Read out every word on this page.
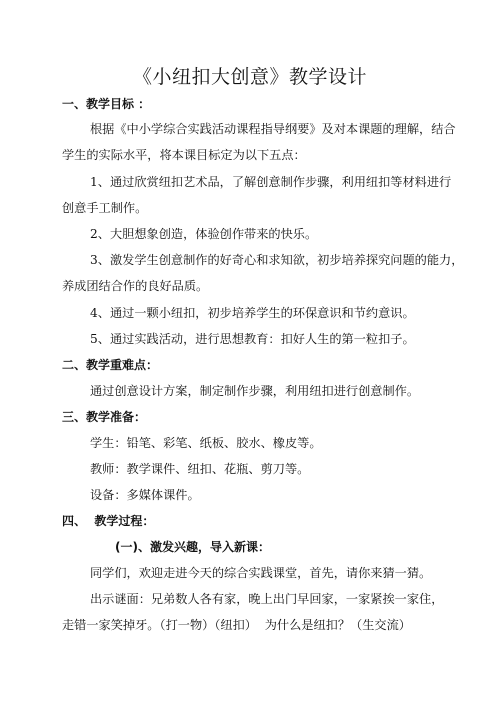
《小纽扣大创意》教学设计
一、教学目标 ：
根据《中小学综合实践活动课程指导纲要》及对本课题的理解，结合
学生的实际水平，将本课目标定为以下五点：
1、通过欣赏纽扣艺术品，了解创意制作步骤，利用纽扣等材料进行
创意手工制作。
2、大胆想象创造，体验创作带来的快乐。
3、激发学生创意制作的好奇心和求知欲，初步培养探究问题的能力，
养成团结合作的良好品质。
4、通过一颗小纽扣，初步培养学生的环保意识和节约意识。
5、通过实践活动，进行思想教育：扣好人生的第一粒扣子。
二、教学重难点：
通过创意设计方案，制定制作步骤，利用纽扣进行创意制作。
三、教学准备：
学生：铅笔、彩笔、纸板、胶水、橡皮等。
教师：教学课件、纽扣、花瓶、剪刀等。
设备：多媒体课件。
四、  教学过程：
(一)、激发兴趣，导入新课：
同学们，欢迎走进今天的综合实践课堂，首先，请你来猜一猜。
出示谜面：兄弟数人各有家，晚上出门早回家，一家紧挨一家住，
走错一家笑掉牙。（打一物）（纽扣）  为什么是纽扣？（生交流）
